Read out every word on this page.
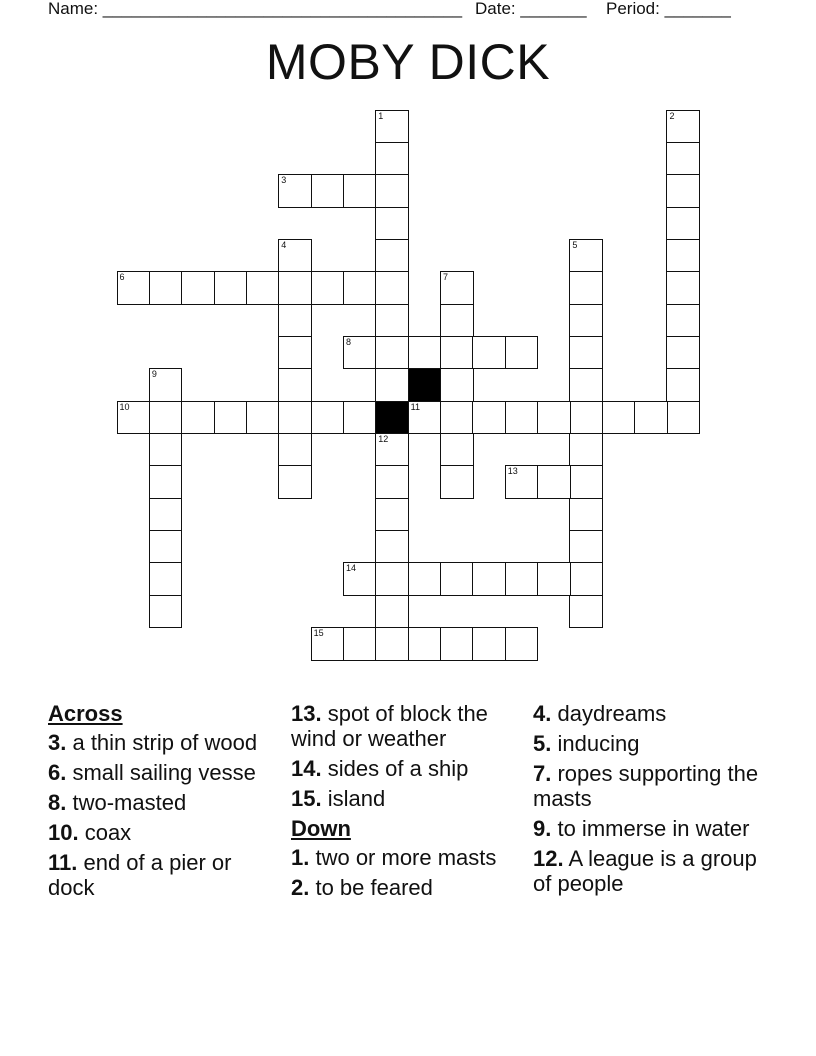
Name: ______________________________________ Date: _______ Period: _______
MOBY DICK
1
12
2
3
4	5
6	7
8
9
10	11
13
14
15
Across
3. a thin strip of wood
6. small sailing vesse
8. two-masted
10. coax
11. end of a pier or dock
13. spot of block the wind or weather
14. sides of a ship
15. island
Down
1. two or more masts
2. to be feared
4. daydreams
5. inducing
7. ropes supporting the masts
9. to immerse in water
12. A league is a group of people
